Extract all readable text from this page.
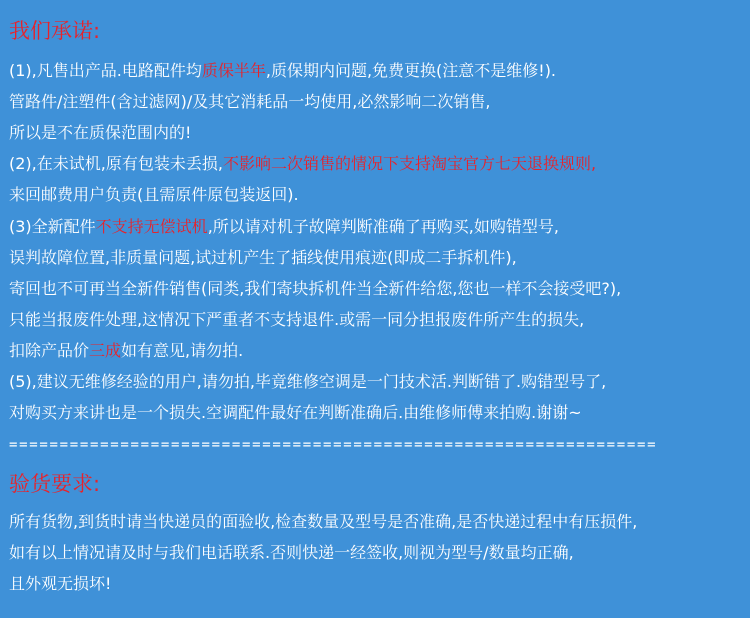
我们承诺:
(1),凡售出产品.电路配件均质保半年,质保期内问题,免费更换(注意不是维修!).
管路件/注塑件(含过滤网)/及其它消耗品一均使用,必然影响二次销售,
所以是不在质保范围内的!
(2),在未试机,原有包装未丢损,不影响二次销售的情况下支持淘宝官方七天退换规则,
来回邮费用户负责(且需原件原包装返回).
(3)全新配件不支持无偿试机,所以请对机子故障判断准确了再购买,如购错型号,
误判故障位置,非质量问题,试过机产生了插线使用痕迹(即成二手拆机件),
寄回也不可再当全新件销售(同类,我们寄块拆机件当全新件给您,您也一样不会接受吧?),
只能当报废件处理,这情况下严重者不支持退件.或需一同分担报废件所产生的损失,
扣除产品价三成如有意见,请勿拍.
(5),建议无维修经验的用户,请勿拍,毕竟维修空调是一门技术活.判断错了.购错型号了,
对购买方来讲也是一个损失.空调配件最好在判断准确后.由维修师傅来拍购.谢谢~
================================================================
验货要求:
所有货物,到货时请当快递员的面验收,检查数量及型号是否准确,是否快递过程中有压损件,
如有以上情况请及时与我们电话联系.否则快递一经签收,则视为型号/数量均正确,
且外观无损坏!
